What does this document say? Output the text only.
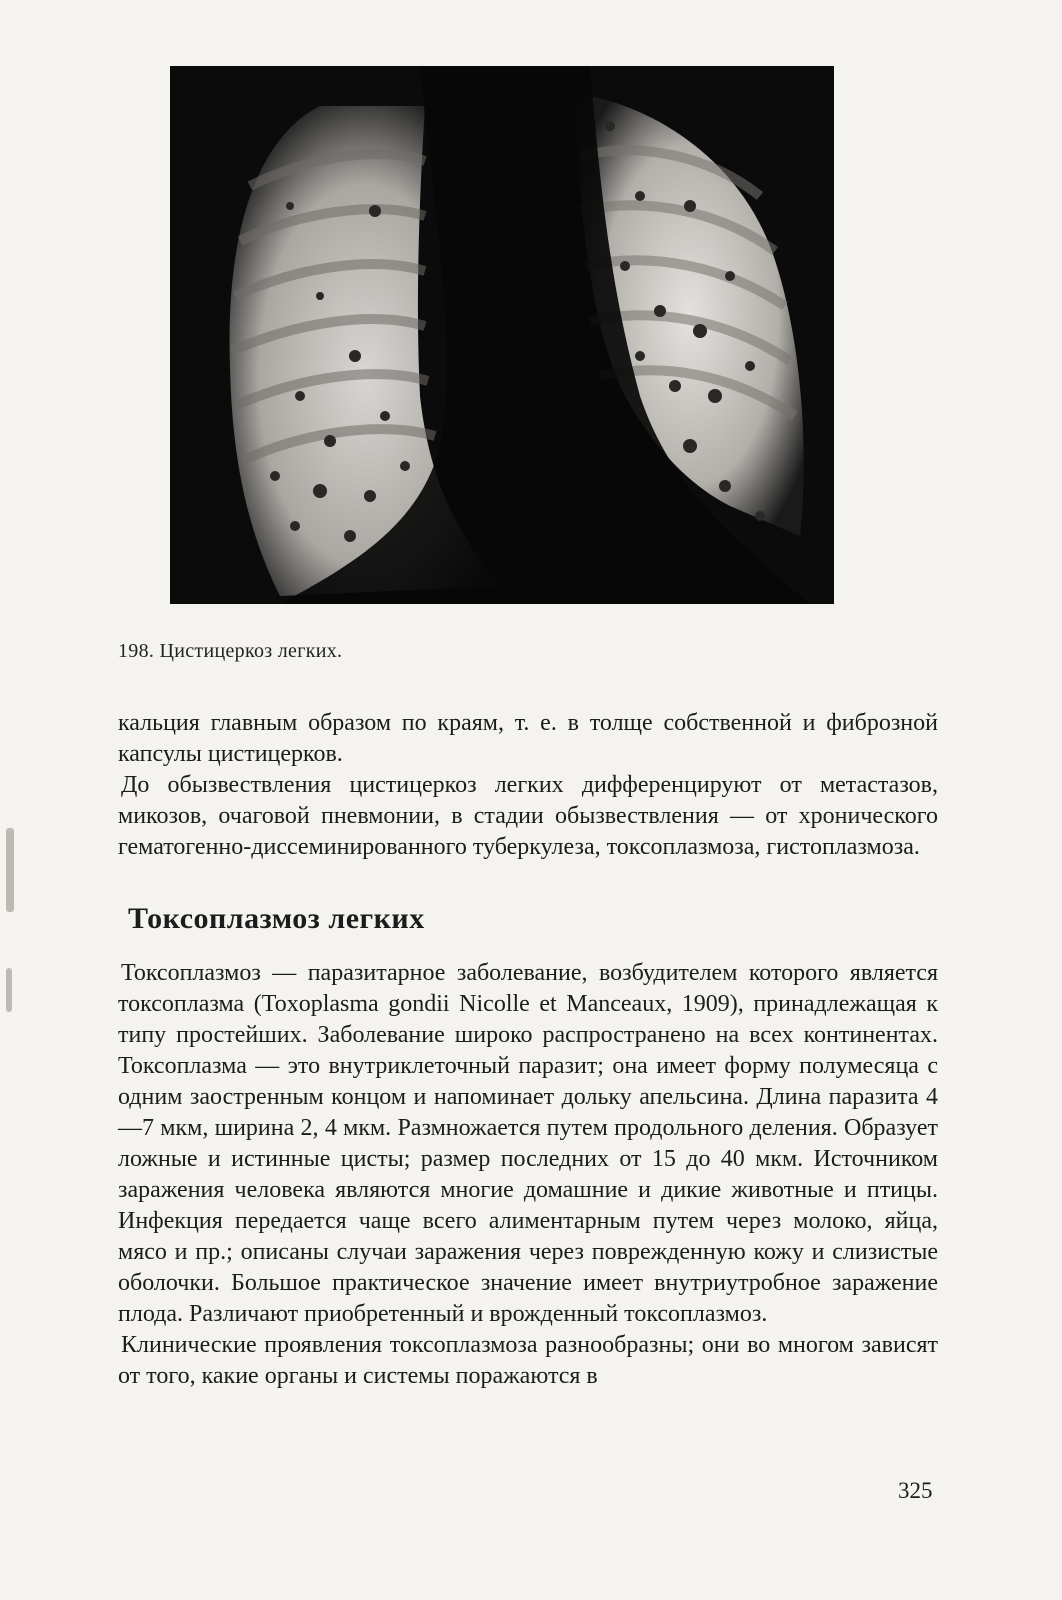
198. Цистицеркоз легких.

кальция главным образом по краям, т. е. в толще собственной и фиброзной капсулы цистицерков.

До обызвествления цистицеркоз легких дифференцируют от метастазов, микозов, очаговой пневмонии, в стадии обызвествления — от хронического гематогенно-диссеминированного туберкулеза, токсоплазмоза, гистоплазмоза.

Токсоплазмоз легких

Токсоплазмоз — паразитарное заболевание, возбудителем которого является токсоплазма (Toxoplasma gondii Nicolle et Manceaux, 1909), принадлежащая к типу простейших. Заболевание широко распространено на всех континентах. Токсоплазма — это внутриклеточный паразит; она имеет форму полумесяца с одним заостренным концом и напоминает дольку апельсина. Длина паразита 4—7 мкм, ширина 2, 4 мкм. Размножается путем продольного деления. Образует ложные и истинные цисты; размер последних от 15 до 40 мкм. Источником заражения человека являются многие домашние и дикие животные и птицы. Инфекция передается чаще всего алиментарным путем через молоко, яйца, мясо и пр.; описаны случаи заражения через поврежденную кожу и слизистые оболочки. Большое практическое значение имеет внутриутробное заражение плода. Различают приобретенный и врожденный токсоплазмоз.

Клинические проявления токсоплазмоза разнообразны; они во многом зависят от того, какие органы и системы поражаются в

325
